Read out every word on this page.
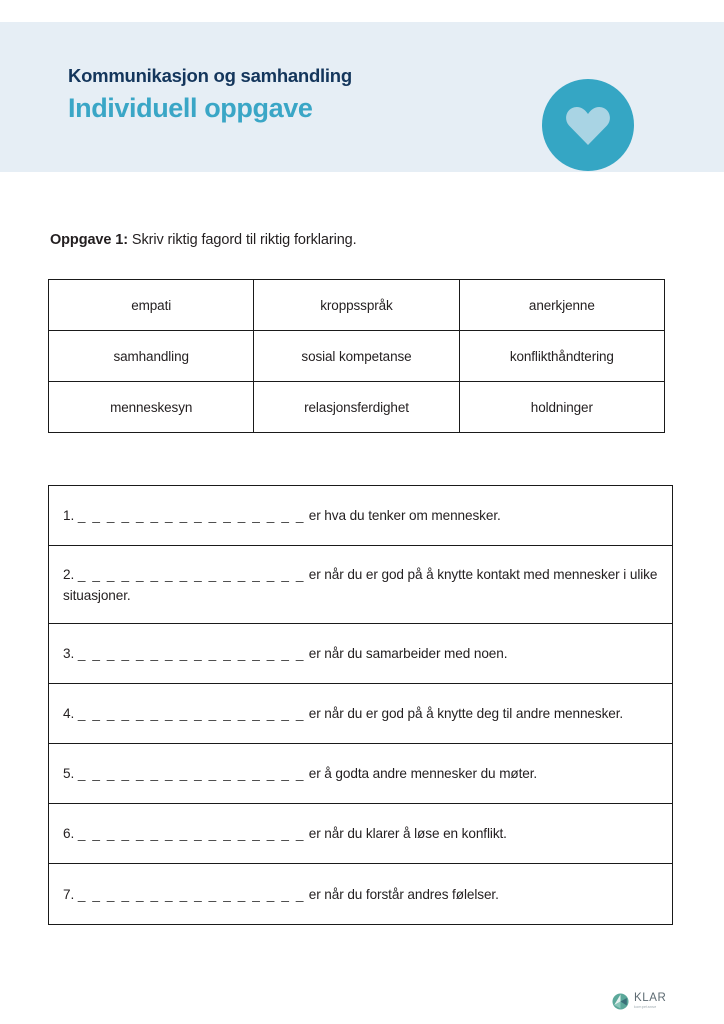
Kommunikasjon og samhandling
Individuell oppgave
Oppgave 1: Skriv riktig fagord til riktig forklaring.
empati	kroppsspråk	anerkjenne
samhandling	sosial kompetanse	konflikthåndtering
menneskesyn	relasjonsferdighet	holdninger
1. _ _ _ _ _ _ _ _ _ _ _ _ _ _ _ _ er hva du tenker om mennesker.
2. _ _ _ _ _ _ _ _ _ _ _ _ _ _ _ _ er når du er god på å knytte kontakt med mennesker i ulike situasjoner.
3. _ _ _ _ _ _ _ _ _ _ _ _ _ _ _ _ er når du samarbeider med noen.
4. _ _ _ _ _ _ _ _ _ _ _ _ _ _ _ _ er når du er god på å knytte deg til andre mennesker.
5. _ _ _ _ _ _ _ _ _ _ _ _ _ _ _ _ er å godta andre mennesker du møter.
6. _ _ _ _ _ _ _ _ _ _ _ _ _ _ _ _ er når du klarer å løse en konflikt.
7. _ _ _ _ _ _ _ _ _ _ _ _ _ _ _ _ er når du forstår andres følelser.
KLAR
kompetanse
